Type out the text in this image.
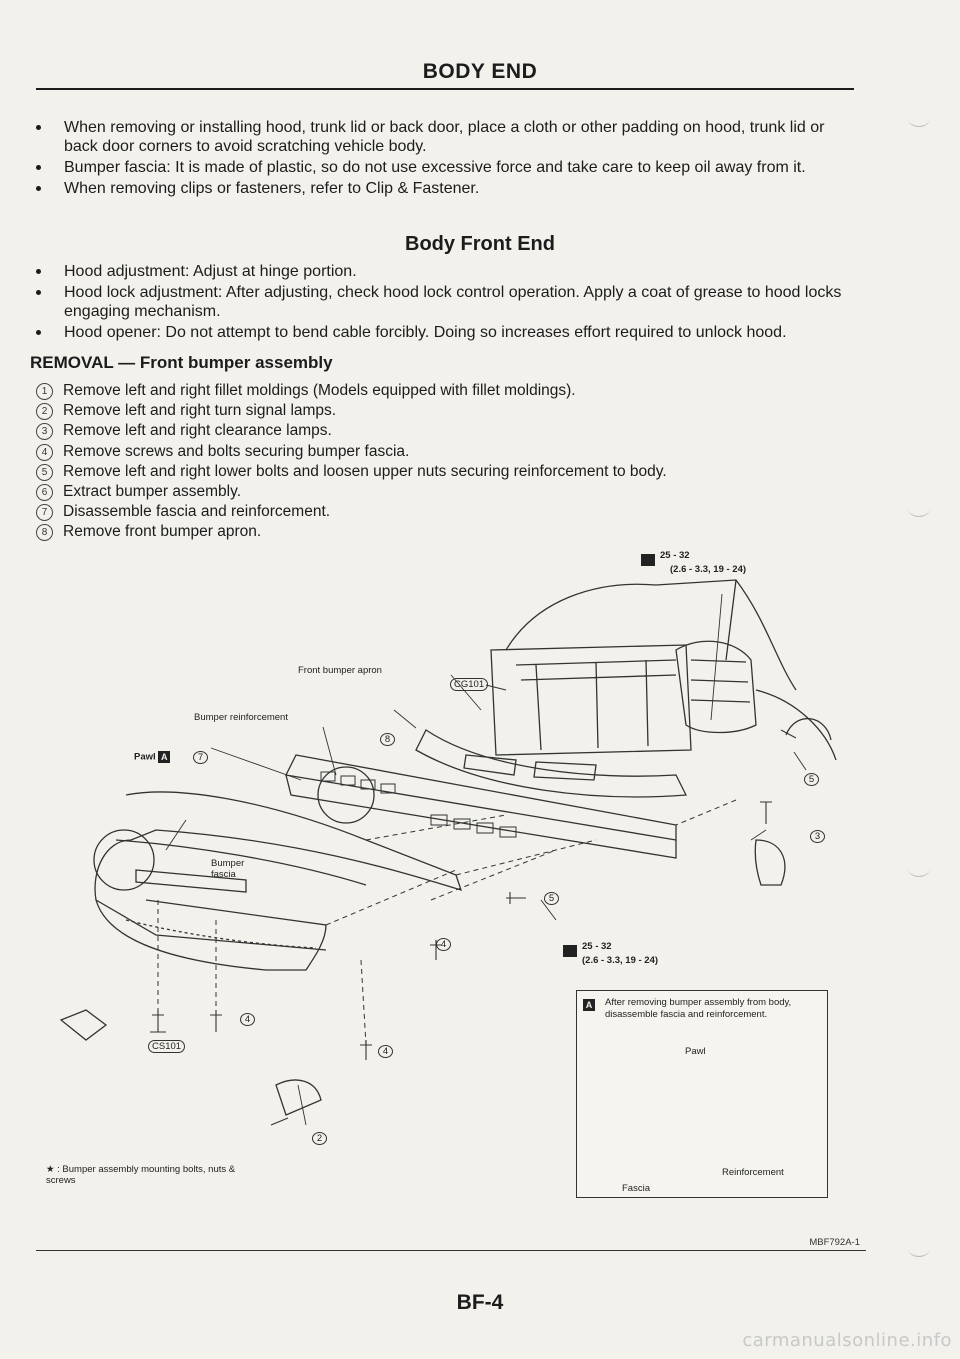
BODY END
When removing or installing hood, trunk lid or back door, place a cloth or other padding on hood, trunk lid or back door corners to avoid scratching vehicle body.
Bumper fascia: It is made of plastic, so do not use excessive force and take care to keep oil away from it.
When removing clips or fasteners, refer to Clip & Fastener.
Body Front End
Hood adjustment: Adjust at hinge portion.
Hood lock adjustment: After adjusting, check hood lock control operation. Apply a coat of grease to hood locks engaging mechanism.
Hood opener: Do not attempt to bend cable forcibly. Doing so increases effort required to unlock hood.
REMOVAL — Front bumper assembly
1	Remove left and right fillet moldings (Models equipped with fillet moldings).
2	Remove left and right turn signal lamps.
3	Remove left and right clearance lamps.
4	Remove screws and bolts securing bumper fascia.
5	Remove left and right lower bolts and loosen upper nuts securing reinforcement to body.
6	Extract bumper assembly.
7	Disassemble fascia and reinforcement.
8	Remove front bumper apron.
25 - 32
(2.6 - 3.3, 19 - 24)
25 - 32
(2.6 - 3.3, 19 - 24)
Front bumper apron
Bumper reinforcement
Pawl A
Bumper fascia
CG101
CS101
8
7
5
3
5
4
4
4
2
★ : Bumper assembly mounting bolts, nuts & screws
A After removing bumper assembly from body, disassemble fascia and reinforcement.
Pawl
Reinforcement
Fascia
MBF792A-1
BF-4
carmanualsonline.info
